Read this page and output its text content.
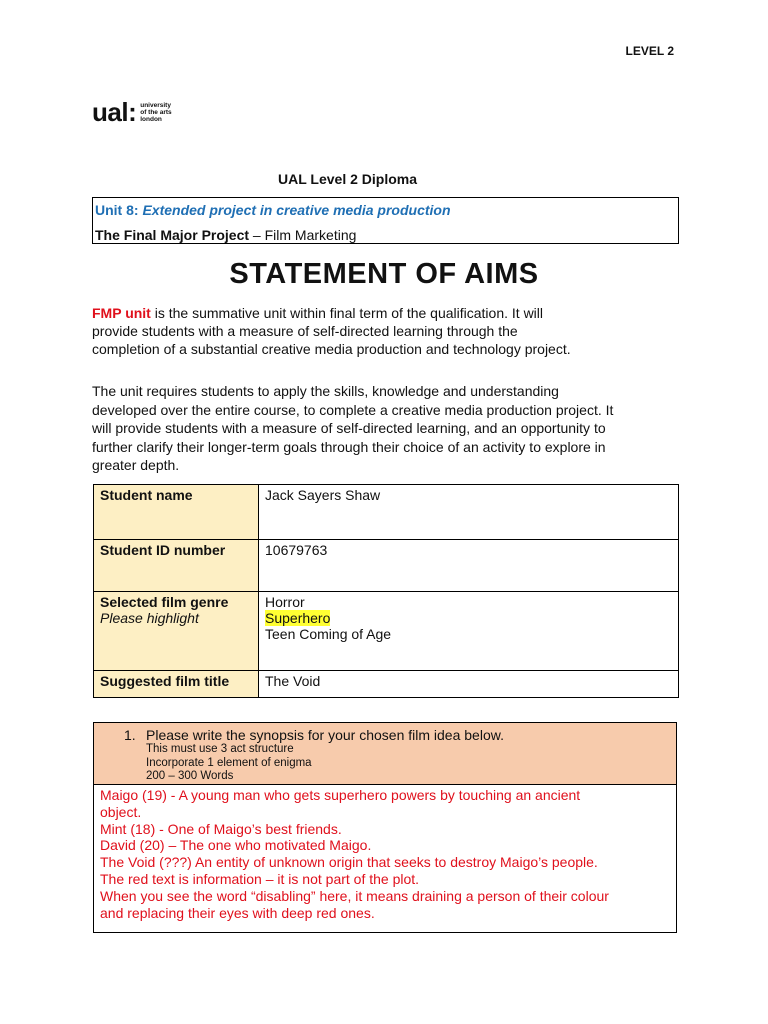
LEVEL 2
ual: university
of the arts
london
UAL Level 2 Diploma
Unit 8: Extended project in creative media production
The Final Major Project – Film Marketing
STATEMENT OF AIMS
FMP unit is the summative unit within final term of the qualification. It will
provide students with a measure of self-directed learning through the
completion of a substantial creative media production and technology project.
The unit requires students to apply the skills, knowledge and understanding
developed over the entire course, to complete a creative media production project. It
will provide students with a measure of self-directed learning, and an opportunity to
further clarify their longer-term goals through their choice of an activity to explore in
greater depth.
Student name	Jack Sayers Shaw
Student ID number	10679763
Selected film genre
Please highlight	Horror
Superhero
Teen Coming of Age
Suggested film title	The Void
1. Please write the synopsis for your chosen film idea below.
This must use 3 act structure
Incorporate 1 element of enigma
200 – 300 Words
Maigo (19) - A young man who gets superhero powers by touching an ancient
object.
Mint (18) - One of Maigo’s best friends.
David (20) – The one who motivated Maigo.
The Void (???) An entity of unknown origin that seeks to destroy Maigo’s people.
The red text is information – it is not part of the plot.
When you see the word “disabling” here, it means draining a person of their colour
and replacing their eyes with deep red ones.
